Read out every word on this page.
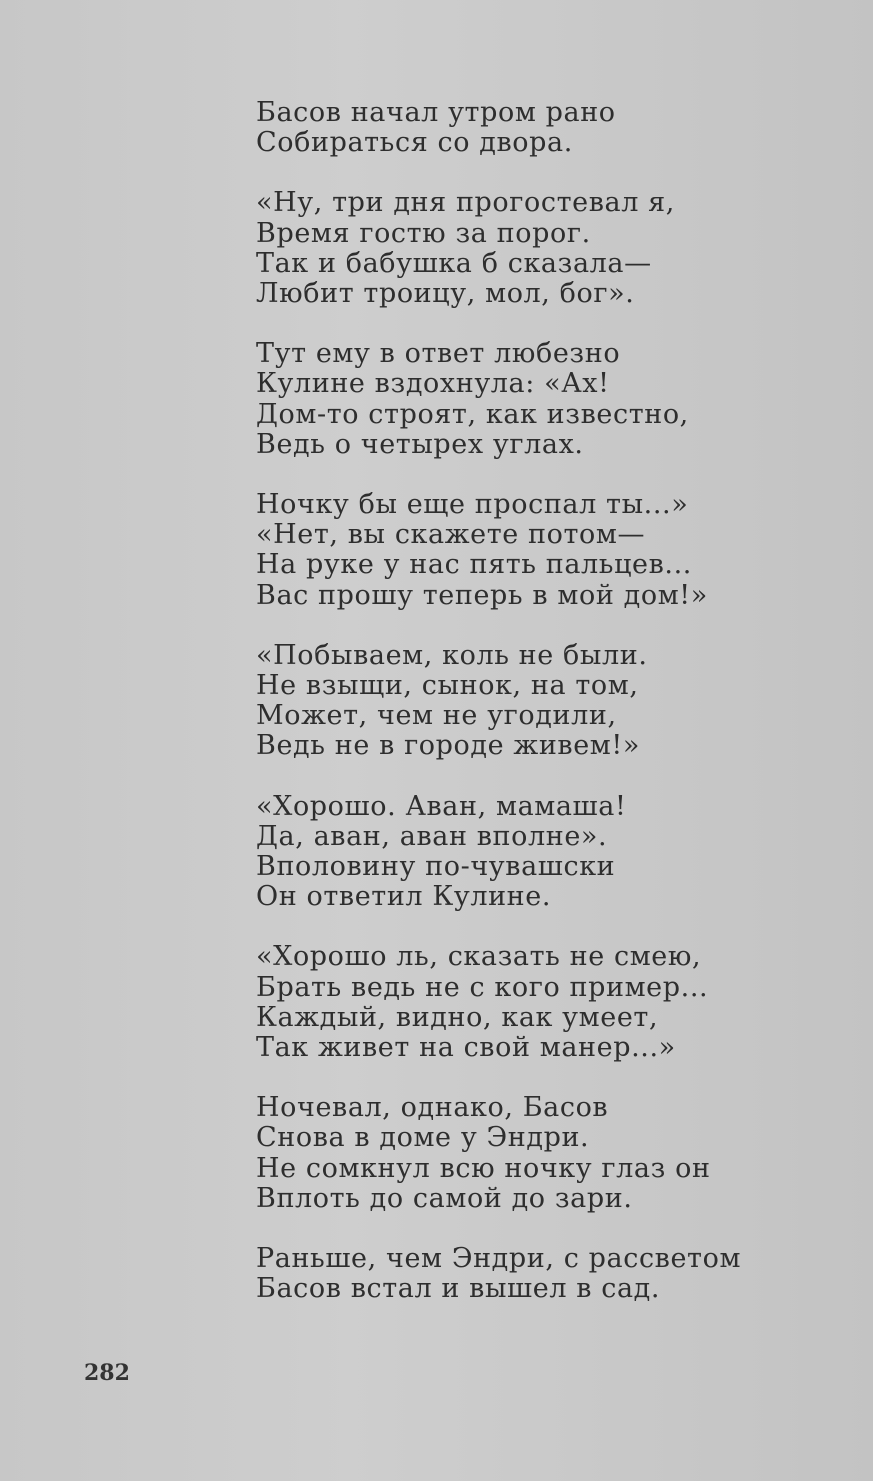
Басов начал утром рано
Собираться со двора.
«Ну, три дня прогостевал я,
Время гостю за порог.
Так и бабушка б сказала—
Любит троицу, мол, бог».
Тут ему в ответ любезно
Кулине вздохнула: «Ах!
Дом-то строят, как известно,
Ведь о четырех углах.
Ночку бы еще проспал ты...»
«Нет, вы скажете потом—
На руке у нас пять пальцев...
Вас прошу теперь в мой дом!»
«Побываем, коль не были.
Не взыщи, сынок, на том,
Может, чем не угодили,
Ведь не в городе живем!»
«Хорошо. Аван, мамаша!
Да, аван, аван вполне».
Вполовину по-чувашски
Он ответил Кулине.
«Хорошо ль, сказать не смею,
Брать ведь не с кого пример...
Каждый, видно, как умеет,
Так живет на свой манер...»
Ночевал, однако, Басов
Снова в доме у Эндри.
Не сомкнул всю ночку глаз он
Вплоть до самой до зари.
Раньше, чем Эндри, с рассветом
Басов встал и вышел в сад.
282
